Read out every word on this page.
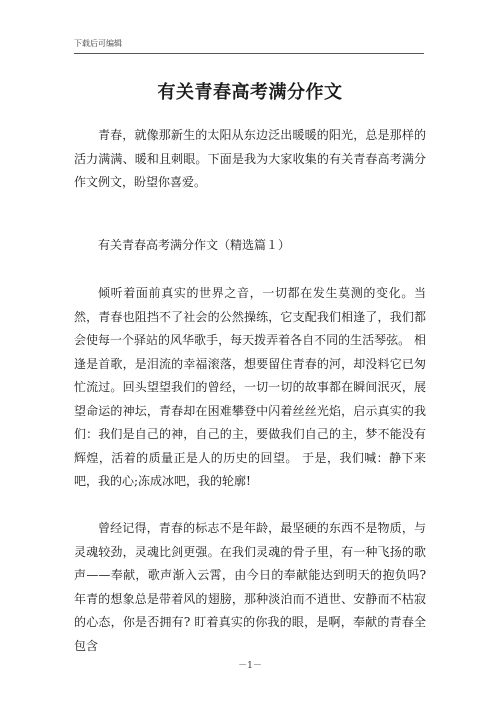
下载后可编辑
有关青春高考满分作文

青春，就像那新生的太阳从东边泛出暖暖的阳光，总是那样的活力满满、暖和且刺眼。下面是我为大家收集的有关青春高考满分作文例文，盼望你喜爱。

有关青春高考满分作文（精选篇１）

倾听着面前真实的世界之音，一切都在发生莫测的变化。当然，青春也阻挡不了社会的公然操练，它支配我们相逢了，我们都会使每一个驿站的风华歌手，每天拨弄着各自不同的生活琴弦。 相逢是首歌，是泪流的幸福滚落，想要留住青春的河，却没料它已匆忙流过。回头望望我们的曾经，一切一切的故事都在瞬间泯灭，展望命运的神坛，青春却在困难攀登中闪着丝丝光焰，启示真实的我们：我们是自己的神，自己的主，要做我们自己的主，梦不能没有辉煌，活着的质量正是人的历史的回望。 于是，我们喊：静下来吧，我的心;冻成冰吧，我的轮廓!

曾经记得，青春的标志不是年龄，最坚硬的东西不是物质，与灵魂较劲，灵魂比剑更强。在我们灵魂的骨子里，有一种飞扬的歌声——奉献，歌声渐入云霄，由今日的奉献能达到明天的抱负吗?年青的想象总是带着风的翅膀，那种淡泊而不逍世、安静而不枯寂的心态，你是否拥有? 盯着真实的你我的眼，是啊，奉献的青春全包含

－1－
